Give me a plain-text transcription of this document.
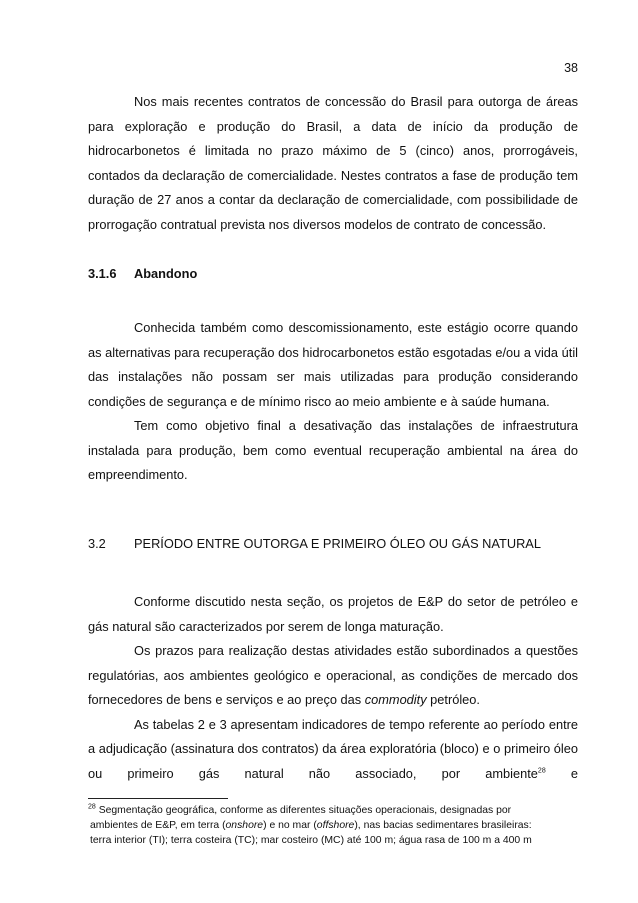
38

Nos mais recentes contratos de concessão do Brasil para outorga de áreas para exploração e produção do Brasil, a data de início da produção de hidrocarbonetos é limitada no prazo máximo de 5 (cinco) anos, prorrogáveis, contados da declaração de comercialidade. Nestes contratos a fase de produção tem duração de 27 anos a contar da declaração de comercialidade, com possibilidade de prorrogação contratual prevista nos diversos modelos de contrato de concessão.

3.1.6 Abandono

Conhecida também como descomissionamento, este estágio ocorre quando as alternativas para recuperação dos hidrocarbonetos estão esgotadas e/ou a vida útil das instalações não possam ser mais utilizadas para produção considerando condições de segurança e de mínimo risco ao meio ambiente e à saúde humana.

Tem como objetivo final a desativação das instalações de infraestrutura instalada para produção, bem como eventual recuperação ambiental na área do empreendimento.

3.2 PERÍODO ENTRE OUTORGA E PRIMEIRO ÓLEO OU GÁS NATURAL

Conforme discutido nesta seção, os projetos de E&P do setor de petróleo e gás natural são caracterizados por serem de longa maturação.

Os prazos para realização destas atividades estão subordinados a questões regulatórias, aos ambientes geológico e operacional, as condições de mercado dos fornecedores de bens e serviços e ao preço das commodity petróleo.

As tabelas 2 e 3 apresentam indicadores de tempo referente ao período entre a adjudicação (assinatura dos contratos) da área exploratória (bloco) e o primeiro óleo ou primeiro gás natural não associado, por ambiente$^{28}$ e

$^{28}$ Segmentação geográfica, conforme as diferentes situações operacionais, designadas por
ambientes de E&P, em terra (onshore) e no mar (offshore), nas bacias sedimentares brasileiras:
terra interior (TI); terra costeira (TC); mar costeiro (MC) até 100 m; água rasa de 100 m a 400 m
